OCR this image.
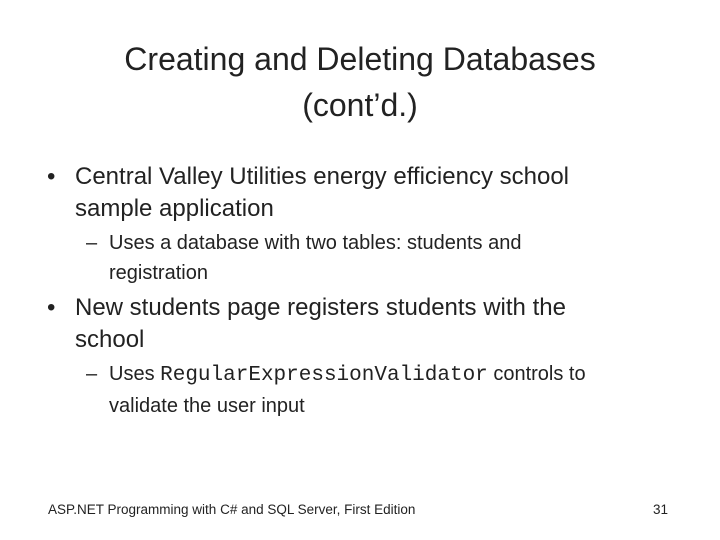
Creating and Deleting Databases
(cont’d.)
• Central Valley Utilities energy efficiency school
sample application
– Uses a database with two tables: students and
registration
• New students page registers students with the
school
– Uses RegularExpressionValidator controls to
validate the user input
ASP.NET Programming with C# and SQL Server, First Edition	31
